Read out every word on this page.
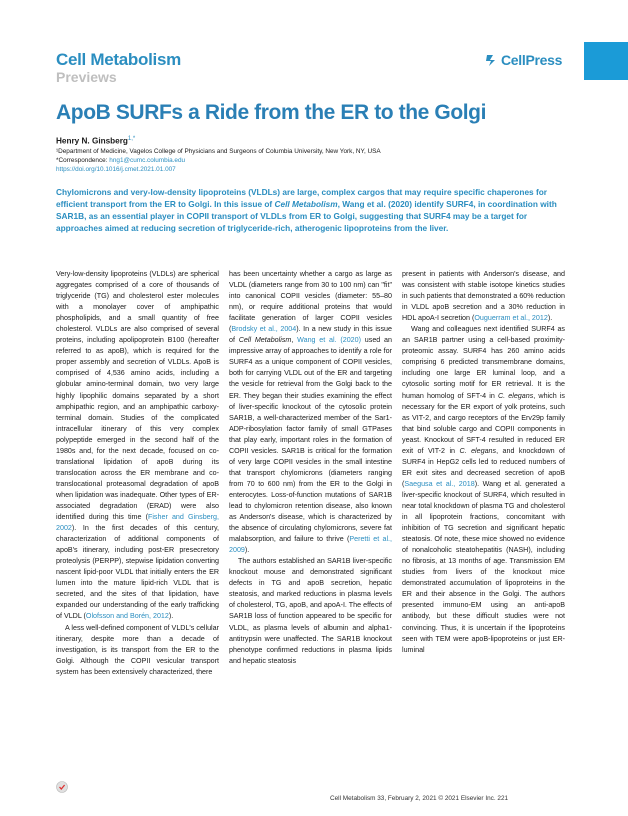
Cell Metabolism
Previews
CellPress
ApoB SURFs a Ride from the ER to the Golgi
Henry N. Ginsberg$^{1,*}$
¹Department of Medicine, Vagelos College of Physicians and Surgeons of Columbia University, New York, NY, USA
*Correspondence: hng1@cumc.columbia.edu
https://doi.org/10.1016/j.cmet.2021.01.007

Chylomicrons and very-low-density lipoproteins (VLDLs) are large, complex cargos that may require specific chaperones for efficient transport from the ER to Golgi. In this issue of Cell Metabolism, Wang et al. (2020) identify SURF4, in coordination with SAR1B, as an essential player in COPII transport of VLDLs from ER to Golgi, suggesting that SURF4 may be a target for approaches aimed at reducing secretion of triglyceride-rich, atherogenic lipoproteins from the liver.

Very-low-density lipoproteins (VLDLs) are spherical aggregates comprised of a core of thousands of triglyceride (TG) and cholesterol ester molecules with a monolayer cover of amphipathic phospholipids, and a small quantity of free cholesterol. VLDLs are also comprised of several proteins, including apolipoprotein B100 (hereafter referred to as apoB), which is required for the proper assembly and secretion of VLDLs. ApoB is comprised of 4,536 amino acids, including a globular amino-terminal domain, two very large highly lipophilic domains separated by a short amphipathic region, and an amphipathic carboxy-terminal domain. Studies of the complicated intracellular itinerary of this very complex polypeptide emerged in the second half of the 1980s and, for the next decade, focused on co-translational lipidation of apoB during its translocation across the ER membrane and co-translocational proteasomal degradation of apoB when lipidation was inadequate. Other types of ER-associated degradation (ERAD) were also identified during this time (Fisher and Ginsberg, 2002). In the first decades of this century, characterization of additional components of apoB's itinerary, including post-ER presecretory proteolysis (PERPP), stepwise lipidation converting nascent lipid-poor VLDL that initially enters the ER lumen into the mature lipid-rich VLDL that is secreted, and the sites of that lipidation, have expanded our understanding of the early trafficking of VLDL (Olofsson and Borén, 2012).

A less well-defined component of VLDL's cellular itinerary, despite more than a decade of investigation, is its transport from the ER to the Golgi. Although the COPII vesicular transport system has been extensively characterized, there

has been uncertainty whether a cargo as large as VLDL (diameters range from 30 to 100 nm) can "fit" into canonical COPII vesicles (diameter: 55–80 nm), or require additional proteins that would facilitate generation of larger COPII vesicles (Brodsky et al., 2004). In a new study in this issue of Cell Metabolism, Wang et al. (2020) used an impressive array of approaches to identify a role for SURF4 as a unique component of COPII vesicles, both for carrying VLDL out of the ER and targeting the vesicle for retrieval from the Golgi back to the ER. They began their studies examining the effect of liver-specific knockout of the cytosolic protein SAR1B, a well-characterized member of the Sar1-ADP-ribosylation factor family of small GTPases that play early, important roles in the formation of COPII vesicles. SAR1B is critical for the formation of very large COPII vesicles in the small intestine that transport chylomicrons (diameters ranging from 70 to 600 nm) from the ER to the Golgi in enterocytes. Loss-of-function mutations of SAR1B lead to chylomicron retention disease, also known as Anderson's disease, which is characterized by the absence of circulating chylomicrons, severe fat malabsorption, and failure to thrive (Peretti et al., 2009).

The authors established an SAR1B liver-specific knockout mouse and demonstrated significant defects in TG and apoB secretion, hepatic steatosis, and marked reductions in plasma levels of cholesterol, TG, apoB, and apoA-I. The effects of SAR1B loss of function appeared to be specific for VLDL, as plasma levels of albumin and alpha1-antitrypsin were unaffected. The SAR1B knockout phenotype confirmed reductions in plasma lipids and hepatic steatosis

present in patients with Anderson's disease, and was consistent with stable isotope kinetics studies in such patients that demonstrated a 60% reduction in VLDL apoB secretion and a 30% reduction in HDL apoA-I secretion (Ouguerram et al., 2012).

Wang and colleagues next identified SURF4 as an SAR1B partner using a cell-based proximity-proteomic assay. SURF4 has 260 amino acids comprising 6 predicted transmembrane domains, including one large ER luminal loop, and a cytosolic sorting motif for ER retrieval. It is the human homolog of SFT-4 in C. elegans, which is necessary for the ER export of yolk proteins, such as VIT-2, and cargo receptors of the Erv29p family that bind soluble cargo and COPII components in yeast. Knockout of SFT-4 resulted in reduced ER exit of VIT-2 in C. elegans, and knockdown of SURF4 in HepG2 cells led to reduced numbers of ER exit sites and decreased secretion of apoB (Saegusa et al., 2018). Wang et al. generated a liver-specific knockout of SURF4, which resulted in near total knockdown of plasma TG and cholesterol in all lipoprotein fractions, concomitant with inhibition of TG secretion and significant hepatic steatosis. Of note, these mice showed no evidence of nonalcoholic steatohepatitis (NASH), including no fibrosis, at 13 months of age. Transmission EM studies from livers of the knockout mice demonstrated accumulation of lipoproteins in the ER and their absence in the Golgi. The authors presented immuno-EM using an anti-apoB antibody, but these difficult studies were not convincing. Thus, it is uncertain if the lipoproteins seen with TEM were apoB-lipoproteins or just ER-luminal

Cell Metabolism 33, February 2, 2021 © 2021 Elsevier Inc. 221
